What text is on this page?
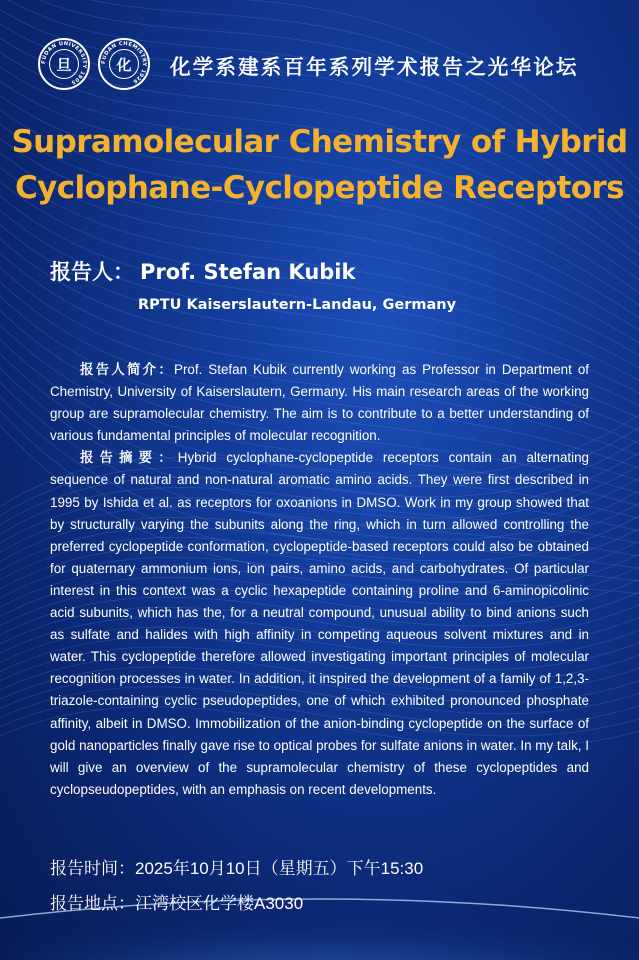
FUDAN UNIVERSITY 1905
旦	FUDAN CHEMISTRY 1926
化	化学系建系百年系列学术报告之光华论坛
Supramolecular Chemistry of Hybrid
Cyclophane-Cyclopeptide Receptors
报告人： Prof. Stefan Kubik
RPTU Kaiserslautern-Landau, Germany

报告人简介：Prof. Stefan Kubik currently working as Professor in Department of Chemistry, University of Kaiserslautern, Germany. His main research areas of the working group are supramolecular chemistry. The aim is to contribute to a better understanding of various fundamental principles of molecular recognition.

报告摘要：Hybrid cyclophane-cyclopeptide receptors contain an alternating sequence of natural and non-natural aromatic amino acids. They were first described in 1995 by Ishida et al. as receptors for oxoanions in DMSO. Work in my group showed that by structurally varying the subunits along the ring, which in turn allowed controlling the preferred cyclopeptide conformation, cyclopeptide-based receptors could also be obtained for quaternary ammonium ions, ion pairs, amino acids, and carbohydrates. Of particular interest in this context was a cyclic hexapeptide containing proline and 6-aminopicolinic acid subunits, which has the, for a neutral compound, unusual ability to bind anions such as sulfate and halides with high affinity in competing aqueous solvent mixtures and in water. This cyclopeptide therefore allowed investigating important principles of molecular recognition processes in water. In addition, it inspired the development of a family of 1,2,3-triazole-containing cyclic pseudopeptides, one of which exhibited pronounced phosphate affinity, albeit in DMSO. Immobilization of the anion-binding cyclopeptide on the surface of gold nanoparticles finally gave rise to optical probes for sulfate anions in water. In my talk, I will give an overview of the supramolecular chemistry of these cyclopeptides and cyclopseudopeptides, with an emphasis on recent developments.

报告时间：2025年10月10日（星期五）下午15:30
报告地点：江湾校区化学楼A3030
